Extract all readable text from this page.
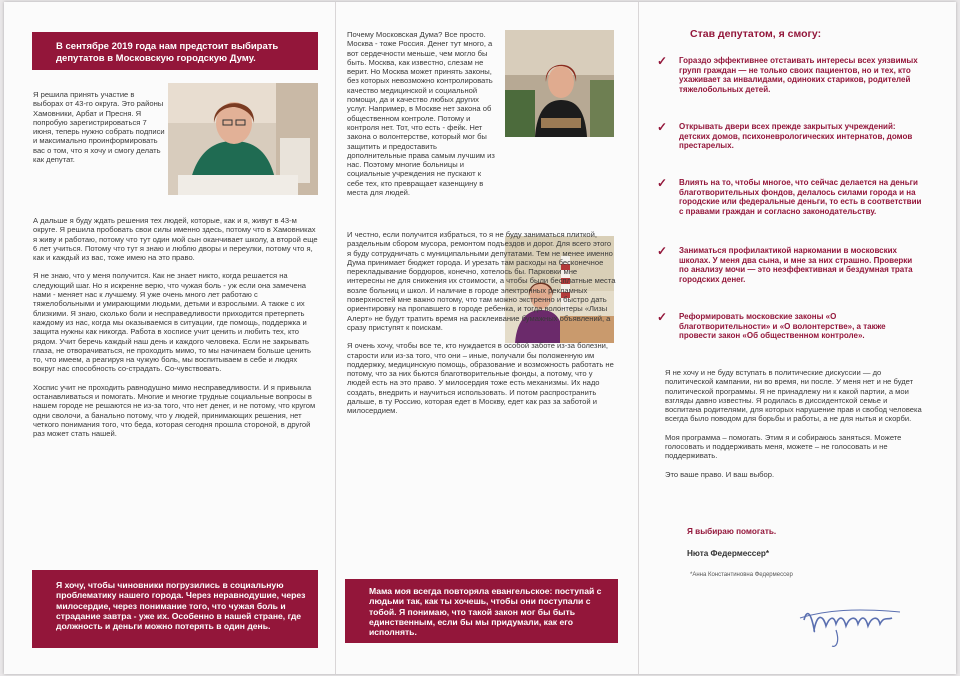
В сентябре 2019 года нам предстоит выбирать депутатов в Московскую городскую Думу.
Я решила принять участие в выборах от 43-го округа. Это районы Хамовники, Арбат и Пресня. Я попробую зарегистрироваться 7 июня, теперь нужно собрать подписи и максимально проинформировать вас о том, что я хочу и смогу делать как депутат.

А дальше я буду ждать решения тех людей, которые, как и я, живут в 43-м округе. Я решила пробовать свои силы именно здесь, потому что в Хамовниках я живу и работаю, потому что тут один мой сын оканчивает школу, а второй еще 6 лет учиться. Потому что тут я знаю и люблю дворы и переулки, потому что я, как и каждый из вас, тоже имею на это право.

Я не знаю, что у меня получится. Как не знает никто, когда решается на следующий шаг. Но я искренне верю, что чужая боль - уж если она замечена нами - меняет нас к лучшему. Я уже очень много лет работаю с тяжелобольными и умирающими людьми, детьми и взрослыми. А также с их близкими. Я знаю, сколько боли и несправедливости приходится претерпеть каждому из нас, когда мы оказываемся в ситуации, где помощь, поддержка и защита нужны как никогда. Работа в хосписе учит ценить и любить тех, кто рядом. Учит беречь каждый наш день и каждого человека. Если не закрывать глаза, не отворачиваться, не проходить мимо, то мы начинаем больше ценить то, что имеем, а реагируя на чужую боль, мы воспитываем в себе и людях вокруг нас способность со-страдать. Со-чувствовать.

Хоспис учит не проходить равнодушно мимо несправедливости. И я привыкла останавливаться и помогать. Многие и многие трудные социальные вопросы в нашем городе не решаются не из-за того, что нет денег, и не потому, что кругом одни сволочи, а банально потому, что у людей, принимающих решения, нет четкого понимания того, что беда, которая сегодня прошла стороной, в другой раз может стать нашей.

Я хочу, чтобы чиновники погрузились в социальную проблематику нашего города. Через неравнодушие, через милосердие, через понимание того, что чужая боль и страдание завтра - уже их. Особенно в нашей стране, где должность и деньги можно потерять в один день.
Почему Московская Дума? Все просто. Москва - тоже Россия. Денег тут много, а вот сердечности меньше, чем могло бы быть. Москва, как известно, слезам не верит. Но Москва может принять законы, без которых невозможно контролировать качество медицинской и социальной помощи, да и качество любых других услуг. Например, в Москве нет закона об общественном контроле. Потому и контроля нет. Тот, что есть - фейк. Нет закона о волонтерстве, который мог бы защитить и предоставить дополнительные права самым лучшим из нас. Поэтому многие больницы и социальные учреждения не пускают к себе тех, кто превращает казенщину в места для людей.

И честно, если получится избраться, то я не буду заниматься плиткой, раздельным сбором мусора, ремонтом подъездов и дорог. Для всего этого я буду сотрудничать с муниципальными депутатами. Тем не менее именно Дума принимает бюджет города. И урезать там расходы на бесконечное перекладывание бордюров, конечно, хотелось бы. Парковки мне интересны не для снижения их стоимости, а чтобы были бесплатные места возле больниц и школ. И наличие в городе электронных рекламных поверхностей мне важно потому, что там можно экстренно и быстро дать ориентировку на пропавшего в городе ребенка, и тогда волонтеры «Лизы Алерт» не будут тратить время на расклеивание бумажных объявлений, а сразу приступят к поискам.

Я очень хочу, чтобы все те, кто нуждается в особой заботе из-за болезни, старости или из-за того, что они – иные, получали бы положенную им поддержку, медицинскую помощь, образование и возможность работать не потому, что за них бьются благотворительные фонды, а потому, что у людей есть на это право. У милосердия тоже есть механизмы. Их надо создать, внедрить и научиться использовать. И потом распространить дальше, в ту Россию, которая едет в Москву, едет как раз за заботой и милосердием.

Мама моя всегда повторяла евангельское: поступай с людьми так, как ты хочешь, чтобы они поступали с тобой. Я понимаю, что такой закон мог бы быть единственным, если бы мы придумали, как его исполнять.
Став депутатом, я смогу:
✓	Гораздо эффективнее отстаивать интересы всех уязвимых групп граждан — не только своих пациентов, но и тех, кто ухаживает за инвалидами, одиноких стариков, родителей тяжелобольных детей.
✓	Открывать двери всех прежде закрытых учреждений: детских домов, психоневрологических интернатов, домов престарелых.
✓	Влиять на то, чтобы многое, что сейчас делается на деньги благотворительных фондов, делалось силами города и на городские или федеральные деньги, то есть в соответствии с правами граждан и согласно законодательству.
✓	Заниматься профилактикой наркомании в московских школах. У меня два сына, и мне за них страшно. Проверки по анализу мочи — это неэффективная и бездумная трата городских денег.
✓	Реформировать московские законы «О благотворительности» и «О волонтерстве», а также провести закон «Об общественном контроле».

Я не хочу и не буду вступать в политические дискуссии — до политической кампании, ни во время, ни после. У меня нет и не будет политической программы. Я не принадлежу ни к какой партии, а мои взгляды давно известны. Я родилась в диссидентской семье и воспитана родителями, для которых нарушение прав и свобод человека всегда было поводом для борьбы и работы, а не для нытья и скорби.

Моя программа – помогать. Этим я и собираюсь заняться. Можете голосовать и поддерживать меня, можете – не голосовать и не поддерживать.

Это ваше право. И ваш выбор.

Я выбираю помогать.
Нюта Федермессер*
*Анна Константиновна Федермессер
